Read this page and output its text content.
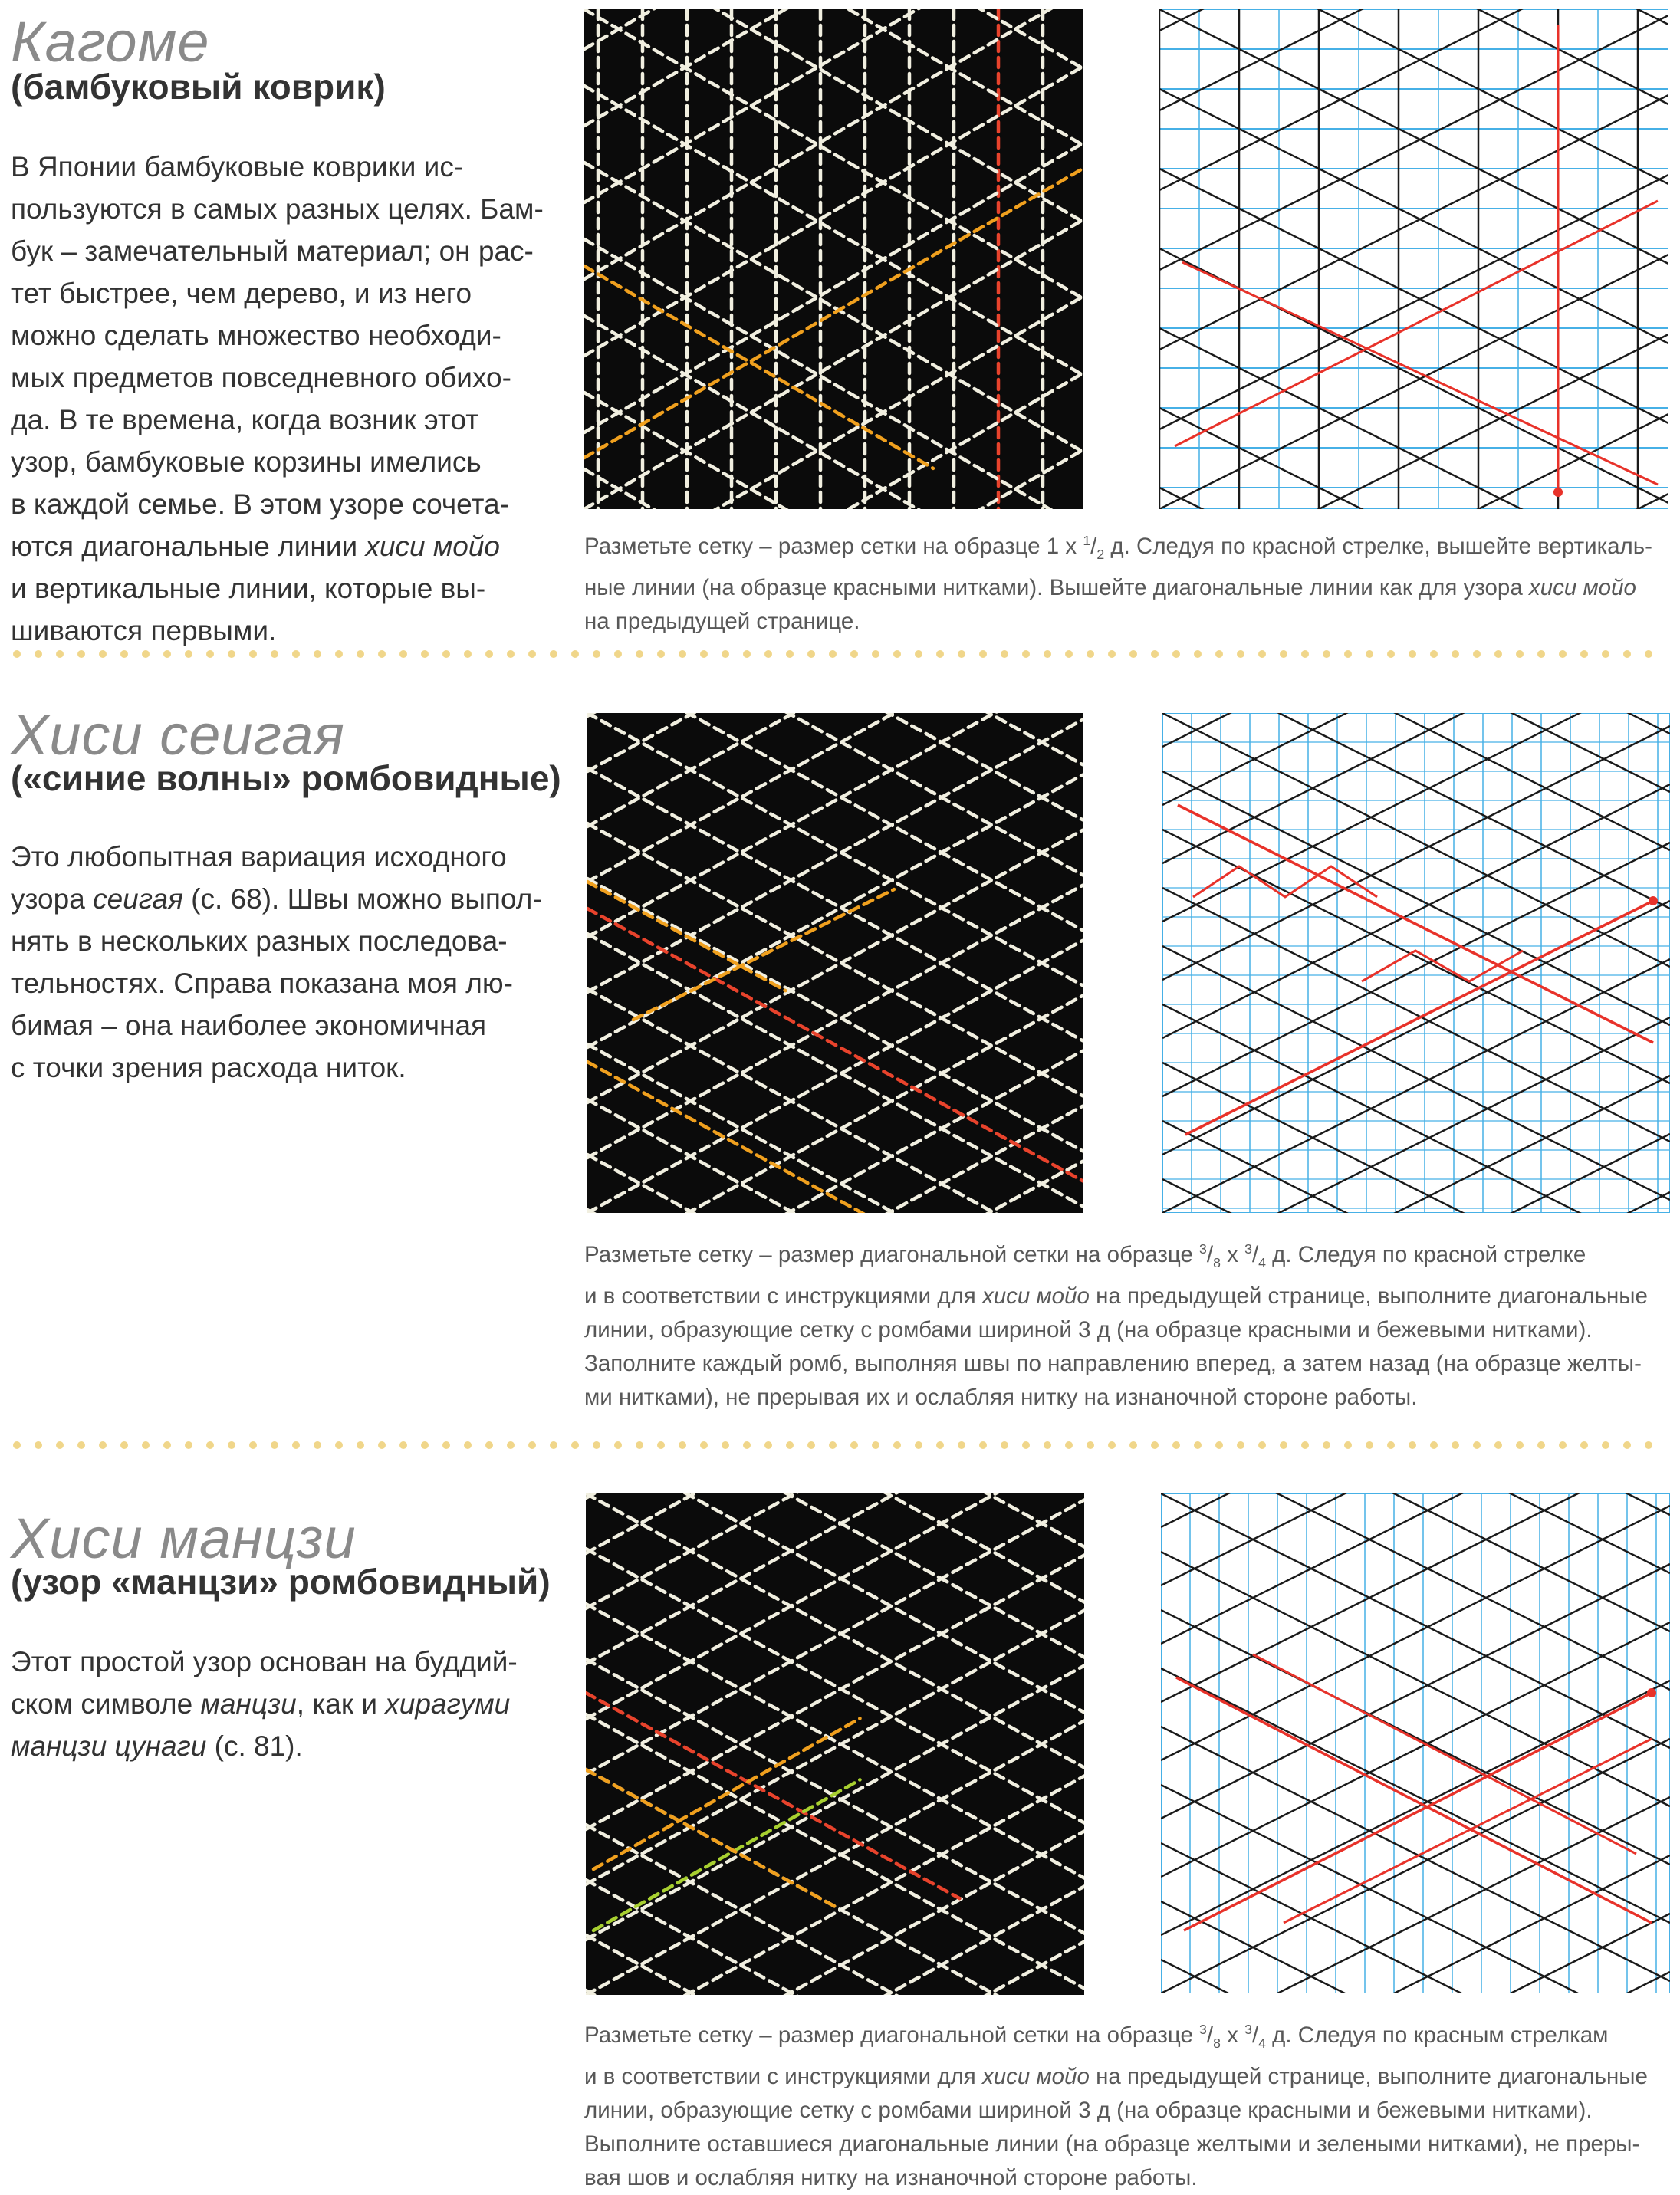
Кагоме
(бамбуковый коврик)
В Японии бамбуковые коврики ис-
пользуются в самых разных целях. Бам-
бук – замечательный материал; он рас-
тет быстрее, чем дерево, и из него
можно сделать множество необходи-
мых предметов повседневного обихо-
да. В те времена, когда возник этот
узор, бамбуковые корзины имелись
в каждой семье. В этом узоре сочета-
ются диагональные линии хиси мойо
и вертикальные линии, которые вы-
шиваются первыми.
Разметьте сетку – размер сетки на образце 1 x $^1/_2$ д. Следуя по красной стрелке, вышейте вертикаль-
ные линии (на образце красными нитками). Вышейте диагональные линии как для узора хиси мойо
на предыдущей странице.
Хиси сеигая
(«синие волны» ромбовидные)
Это любопытная вариация исходного
узора сеигая (с. 68). Швы можно выпол-
нять в нескольких разных последова-
тельностях. Справа показана моя лю-
бимая – она наиболее экономичная
с точки зрения расхода ниток.
Разметьте сетку – размер диагональной сетки на образце $^3/_8$ x $^3/_4$ д. Следуя по красной стрелке
и в соответствии с инструкциями для хиси мойо на предыдущей странице, выполните диагональные
линии, образующие сетку с ромбами шириной 3 д (на образце красными и бежевыми нитками).
Заполните каждый ромб, выполняя швы по направлению вперед, а затем назад (на образце желты-
ми нитками), не прерывая их и ослабляя нитку на изнаночной стороне работы.
Хиси манцзи
(узор «манцзи» ромбовидный)
Этот простой узор основан на буддий-
ском символе манцзи, как и хирагуми
манцзи цунаги (с. 81).
Разметьте сетку – размер диагональной сетки на образце $^3/_8$ x $^3/_4$ д. Следуя по красным стрелкам
и в соответствии с инструкциями для хиси мойо на предыдущей странице, выполните диагональные
линии, образующие сетку с ромбами шириной 3 д (на образце красными и бежевыми нитками).
Выполните оставшиеся диагональные линии (на образце желтыми и зелеными нитками), не преры-
вая шов и ослабляя нитку на изнаночной стороне работы.
